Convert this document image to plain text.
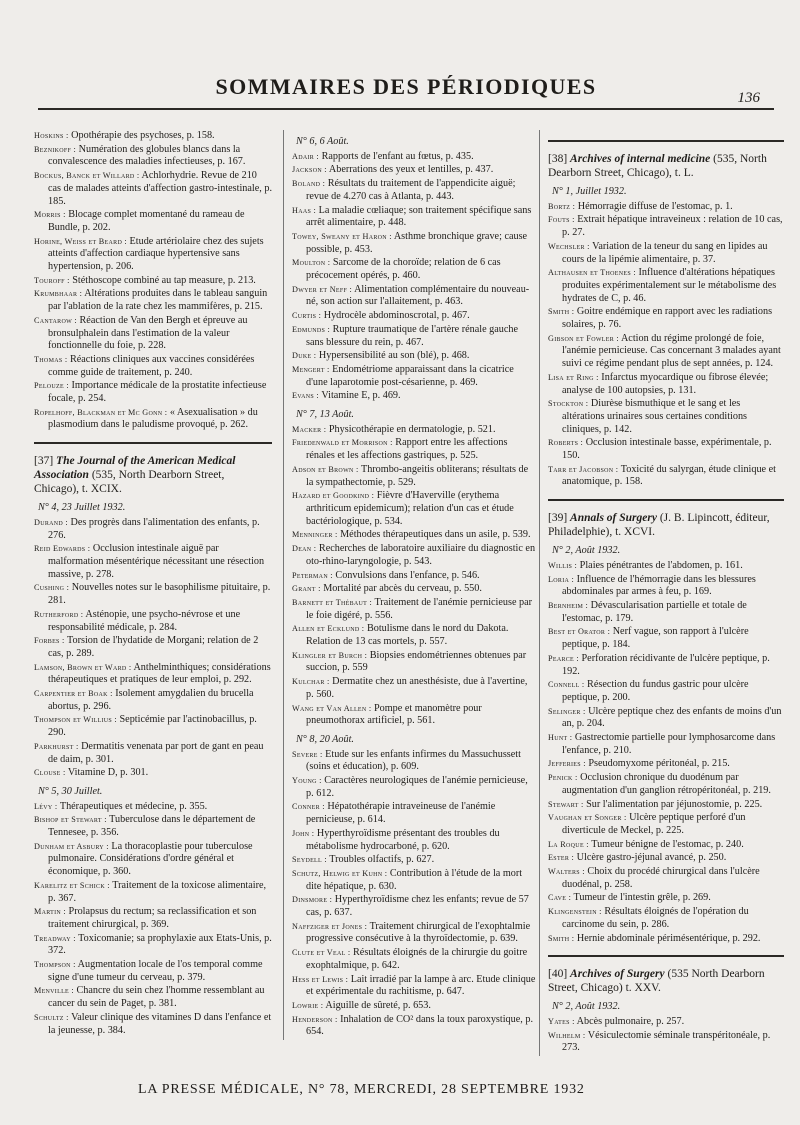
SOMMAIRES DES PÉRIODIQUES	136
Hoskins : Opothérapie des psychoses, p. 158.
Beznikoff : Numération des globules blancs dans la convalescence des maladies infectieuses, p. 167.
Bockus, Banck et Willard : Achlorhydrie. Revue de 210 cas de malades atteints d'affection gastro-intestinale, p. 185.
Morris : Blocage complet momentané du rameau de Bundle, p. 202.
Horine, Weiss et Beard : Etude artériolaire chez des sujets atteints d'affection cardiaque hypertensive sans hypertension, p. 206.
Touroff : Stéthoscope combiné au tap measure, p. 213.
Krumbhaar : Altérations produites dans le tableau sanguin par l'ablation de la rate chez les mammifères, p. 215.
Cantarow : Réaction de Van den Bergh et épreuve au bronsulphalein dans l'estimation de la valeur fonctionnelle du foie, p. 228.
Thomas : Réactions cliniques aux vaccines considérées comme guide de traitement, p. 240.
Pelouze : Importance médicale de la prostatite infectieuse focale, p. 254.
Ropelhoff, Blackman et Mc Gonn : « Asexualisation » du plasmodium dans le paludisme provoqué, p. 262.
[37] The Journal of the American Medical Association (535, North Dearborn Street, Chicago), t. XCIX.
N° 4, 23 Juillet 1932.
Durand : Des progrès dans l'alimentation des enfants, p. 276.
Reid Edwards : Occlusion intestinale aiguë par malformation mésentérique nécessitant une résection massive, p. 278.
Cushing : Nouvelles notes sur le basophilisme pituitaire, p. 281.
Rutherford : Asténopie, une psycho-névrose et une responsabilité médicale, p. 284.
Forbes : Torsion de l'hydatide de Morgani; relation de 2 cas, p. 289.
Lamson, Brown et Ward : Anthelminthiques; considérations thérapeutiques et pratiques de leur emploi, p. 292.
Carpentier et Boak : Isolement amygdalien du brucella abortus, p. 296.
Thompson et Willius : Septicémie par l'actinobacillus, p. 290.
Parkhurst : Dermatitis venenata par port de gant en peau de daim, p. 301.
Clouse : Vitamine D, p. 301.
N° 5, 30 Juillet.
Lévy : Thérapeutiques et médecine, p. 355.
Bishop et Stewart : Tuberculose dans le département de Tennesee, p. 356.
Dunham et Asbury : La thoracoplastie pour tuberculose pulmonaire. Considérations d'ordre général et économique, p. 360.
Karelitz et Schick : Traitement de la toxicose alimentaire, p. 367.
Martin : Prolapsus du rectum; sa reclassification et son traitement chirurgical, p. 369.
Treadway : Toxicomanie; sa prophylaxie aux Etats-Unis, p. 372.
Thompson : Augmentation locale de l'os temporal comme signe d'une tumeur du cerveau, p. 379.
Menville : Chancre du sein chez l'homme ressemblant au cancer du sein de Paget, p. 381.
Schultz : Valeur clinique des vitamines D dans l'enfance et la jeunesse, p. 384.
N° 6, 6 Août.
Adair : Rapports de l'enfant au fœtus, p. 435.
Jackson : Aberrations des yeux et lentilles, p. 437.
Boland : Résultats du traitement de l'appendicite aiguë; revue de 4.270 cas à Atlanta, p. 443.
Haas : La maladie cœliaque; son traitement spécifique sans arrêt alimentaire, p. 448.
Towey, Sweany et Haron : Asthme bronchique grave; cause possible, p. 453.
Moulton : Sarcome de la choroïde; relation de 6 cas précocement opérés, p. 460.
Dwyer et Neff : Alimentation complémentaire du nouveau-né, son action sur l'allaitement, p. 463.
Curtis : Hydrocèle abdominoscrotal, p. 467.
Edmunds : Rupture traumatique de l'artère rénale gauche sans blessure du rein, p. 467.
Duke : Hypersensibilité au son (blé), p. 468.
Mengert : Endométriome apparaissant dans la cicatrice d'une laparotomie post-césarienne, p. 469.
Evans : Vitamine E, p. 469.
N° 7, 13 Août.
Macker : Physicothérapie en dermatologie, p. 521.
Friedenwald et Morrison : Rapport entre les affections rénales et les affections gastriques, p. 525.
Adson et Brown : Thrombo-angeitis obliterans; résultats de la sympathectomie, p. 529.
Hazard et Goodkind : Fièvre d'Haverville (erythema arthriticum epidemicum); relation d'un cas et étude bactériologique, p. 534.
Menninger : Méthodes thérapeutiques dans un asile, p. 539.
Dean : Recherches de laboratoire auxiliaire du diagnostic en oto-rhino-laryngologie, p. 543.
Peterman : Convulsions dans l'enfance, p. 546.
Grant : Mortalité par abcès du cerveau, p. 550.
Barnett et Thébaut : Traitement de l'anémie pernicieuse par le foie digéré, p. 556.
Allen et Ecklund : Botulisme dans le nord du Dakota. Relation de 13 cas mortels, p. 557.
Klingler et Burch : Biopsies endométriennes obtenues par succion, p. 559
Kulchar : Dermatite chez un anesthésiste, due à l'avertine, p. 560.
Wang et Van Allen : Pompe et manomètre pour pneumothorax artificiel, p. 561.
N° 8, 20 Août.
Severe : Etude sur les enfants infirmes du Massuchussett (soins et éducation), p. 609.
Young : Caractères neurologiques de l'anémie pernicieuse, p. 612.
Conner : Hépatothérapie intraveineuse de l'anémie pernicieuse, p. 614.
John : Hyperthyroïdisme présentant des troubles du métabolisme hydrocarboné, p. 620.
Seydell : Troubles olfactifs, p. 627.
Schutz, Helwig et Kuhn : Contribution à l'étude de la mort dite hépatique, p. 630.
Dinsmore : Hyperthyroïdisme chez les enfants; revue de 57 cas, p. 637.
Naffziger et Jones : Traitement chirurgical de l'exophtalmie progressive consécutive à la thyroïdectomie, p. 639.
Clute et Veal : Résultats éloignés de la chirurgie du goitre exophtalmique, p. 642.
Hess et Lewis : Lait irradié par la lampe à arc. Etude clinique et expérimentale du rachitisme, p. 647.
Lowrie : Aiguille de sûreté, p. 653.
Henderson : Inhalation de CO² dans la toux paroxystique, p. 654.
[38] Archives of internal medicine (535, North Dearborn Street, Chicago), t. L.
N° 1, Juillet 1932.
Bortz : Hémorragie diffuse de l'estomac, p. 1.
Fouts : Extrait hépatique intraveineux : relation de 10 cas, p. 27.
Wechsler : Variation de la teneur du sang en lipides au cours de la lipémie alimentaire, p. 37.
Althausen et Thoenes : Influence d'altérations hépatiques produites expérimentalement sur le métabolisme des hydrates de C, p. 46.
Smith : Goitre endémique en rapport avec les radiations solaires, p. 76.
Gibson et Fowler : Action du régime prolongé de foie, l'anémie pernicieuse. Cas concernant 3 malades ayant suivi ce régime pendant plus de sept années, p. 124.
Lisa et Ring : Infarctus myocardique ou fibrose élevée; analyse de 100 autopsies, p. 131.
Stockton : Diurèse bismuthique et le sang et les altérations urinaires sous certaines conditions cliniques, p. 142.
Roberts : Occlusion intestinale basse, expérimentale, p. 150.
Tarr et Jacobson : Toxicité du salyrgan, étude clinique et anatomique, p. 158.
[39] Annals of Surgery (J. B. Lipincott, éditeur, Philadelphie), t. XCVI.
N° 2, Août 1932.
Willis : Plaies pénétrantes de l'abdomen, p. 161.
Loria : Influence de l'hémorragie dans les blessures abdominales par armes à feu, p. 169.
Bernheim : Dévascularisation partielle et totale de l'estomac, p. 179.
Best et Orator : Nerf vague, son rapport à l'ulcère peptique, p. 184.
Pearce : Perforation récidivante de l'ulcère peptique, p. 192.
Connell : Résection du fundus gastric pour ulcère peptique, p. 200.
Selinger : Ulcère peptique chez des enfants de moins d'un an, p. 204.
Hunt : Gastrectomie partielle pour lymphosarcome dans l'enfance, p. 210.
Jefferies : Pseudomyxome péritonéal, p. 215.
Penick : Occlusion chronique du duodénum par augmentation d'un ganglion rétropéritonéal, p. 219.
Stewart : Sur l'alimentation par jéjunostomie, p. 225.
Vaughan et Songer : Ulcère peptique perforé d'un diverticule de Meckel, p. 225.
La Roque : Tumeur bénigne de l'estomac, p. 240.
Ester : Ulcère gastro-jéjunal avancé, p. 250.
Walters : Choix du procédé chirurgical dans l'ulcère duodénal, p. 258.
Cave : Tumeur de l'intestin grêle, p. 269.
Klingenstein : Résultats éloignés de l'opération du carcinome du sein, p. 286.
Smith : Hernie abdominale périmésentérique, p. 292.
[40] Archives of Surgery (535 North Dearborn Street, Chicago) t. XXV.
N° 2, Août 1932.
Yates : Abcès pulmonaire, p. 257.
Wilhelm : Vésiculectomie séminale transpéritonéale, p. 273.
LA PRESSE MÉDICALE, N° 78, MERCREDI, 28 SEPTEMBRE 1932
